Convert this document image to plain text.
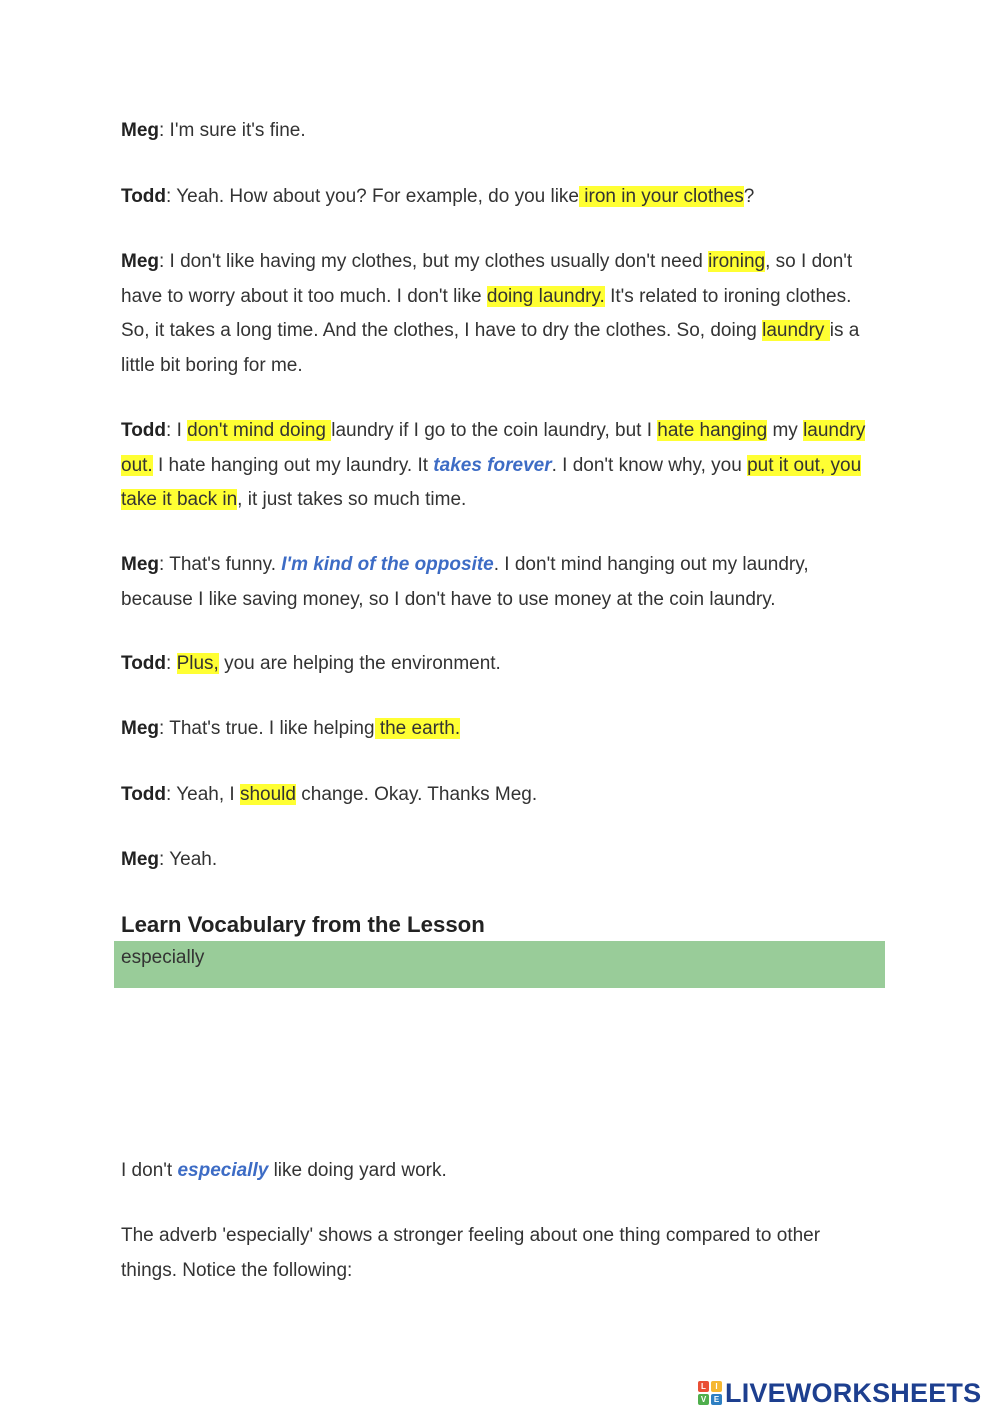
Meg: I'm sure it's fine.

Todd: Yeah. How about you? For example, do you like iron in your clothes?

Meg: I don't like having my clothes, but my clothes usually don't need ironing, so I don't have to worry about it too much. I don't like doing laundry. It's related to ironing clothes. So, it takes a long time. And the clothes, I have to dry the clothes. So, doing laundry is a little bit boring for me.

Todd: I don't mind doing laundry if I go to the coin laundry, but I hate hanging my laundry out. I hate hanging out my laundry. It takes forever. I don't know why, you put it out, you take it back in, it just takes so much time.

Meg: That's funny. I'm kind of the opposite. I don't mind hanging out my laundry, because I like saving money, so I don't have to use money at the coin laundry.

Todd: Plus, you are helping the environment.

Meg: That's true. I like helping the earth.

Todd: Yeah, I should change. Okay. Thanks Meg.

Meg: Yeah.

Learn Vocabulary from the Lesson
especially

I don't especially like doing yard work.

The adverb 'especially' shows a stronger feeling about one thing compared to other things. Notice the following:

L	I
V E LIVEWORKSHEETS
